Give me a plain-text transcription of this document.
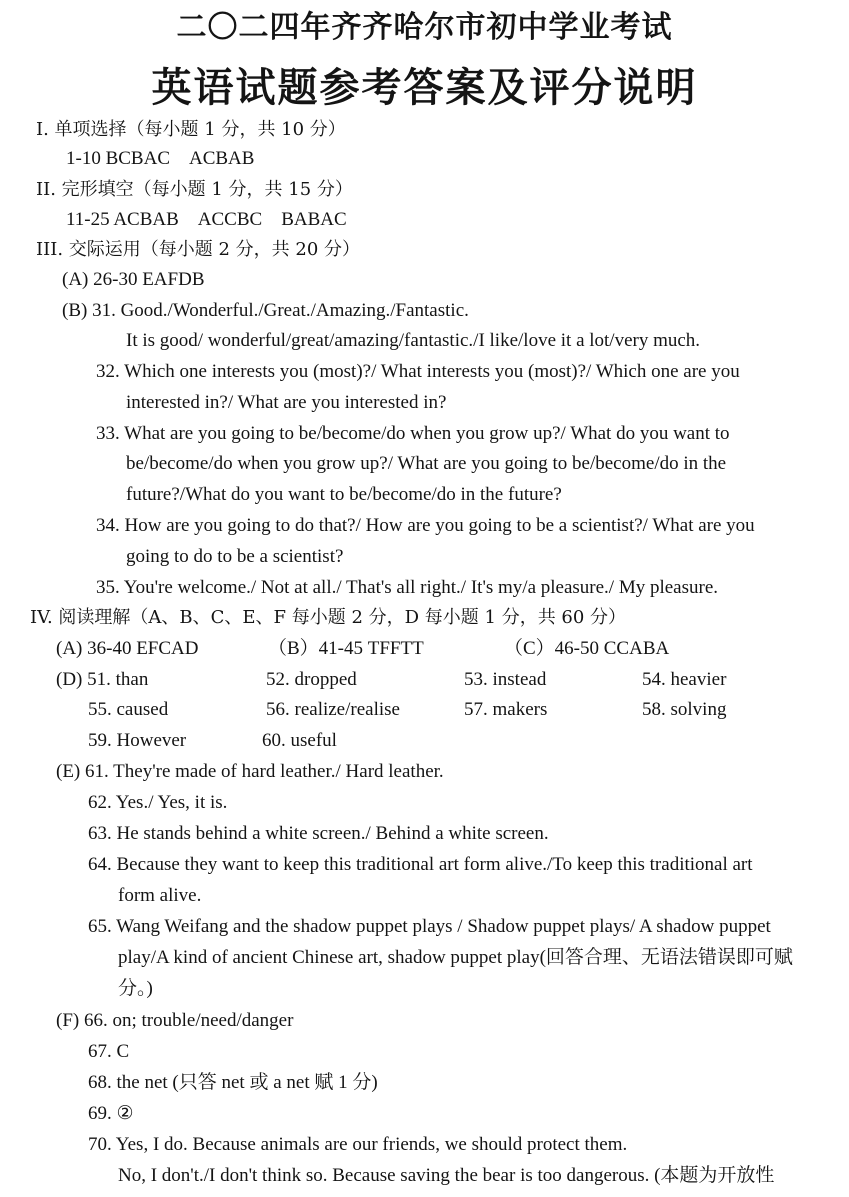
二〇二四年齐齐哈尔市初中学业考试
英语试题参考答案及评分说明
I. 单项选择（每小题 1 分，共 10 分）
1-10 BCBAC　ACBAB
II. 完形填空（每小题 1 分，共 15 分）
11-25 ACBAB　ACCBC　BABAC
III. 交际运用（每小题 2 分，共 20 分）
(A) 26-30 EAFDB
(B) 31. Good./Wonderful./Great./Amazing./Fantastic.
It is good/ wonderful/great/amazing/fantastic./I like/love it a lot/very much.
32. Which one interests you (most)?/ What interests you (most)?/ Which one are you
interested in?/ What are you interested in?
33. What are you going to be/become/do when you grow up?/ What do you want to
be/become/do when you grow up?/ What are you going to be/become/do in the
future?/What do you want to be/become/do in the future?
34. How are you going to do that?/ How are you going to be a scientist?/ What are you
going to do to be a scientist?
35. You're welcome./ Not at all./ That's all right./ It's my/a pleasure./ My pleasure.
IV. 阅读理解（A、B、C、E、F 每小题 2 分，D 每小题 1 分，共 60 分）
(A) 36-40 EFCAD	（B）41-45 TFFTT	（C）46-50 CCABA
(D) 51. than	52. dropped	53. instead	54. heavier
55. caused	56. realize/realise	57. makers	58. solving
59. However	60. useful
(E) 61. They're made of hard leather./ Hard leather.
62. Yes./ Yes, it is.
63. He stands behind a white screen./ Behind a white screen.
64. Because they want to keep this traditional art form alive./To keep this traditional art
form alive.
65. Wang Weifang and the shadow puppet plays / Shadow puppet plays/ A shadow puppet
play/A kind of ancient Chinese art, shadow puppet play(回答合理、无语法错误即可赋
分。)
(F) 66. on; trouble/need/danger
67. C
68. the net (只答 net 或 a net 赋 1 分)
69. ②
70. Yes, I do. Because animals are our friends, we should protect them.
No, I don't./I don't think so. Because saving the bear is too dangerous. (本题为开放性
